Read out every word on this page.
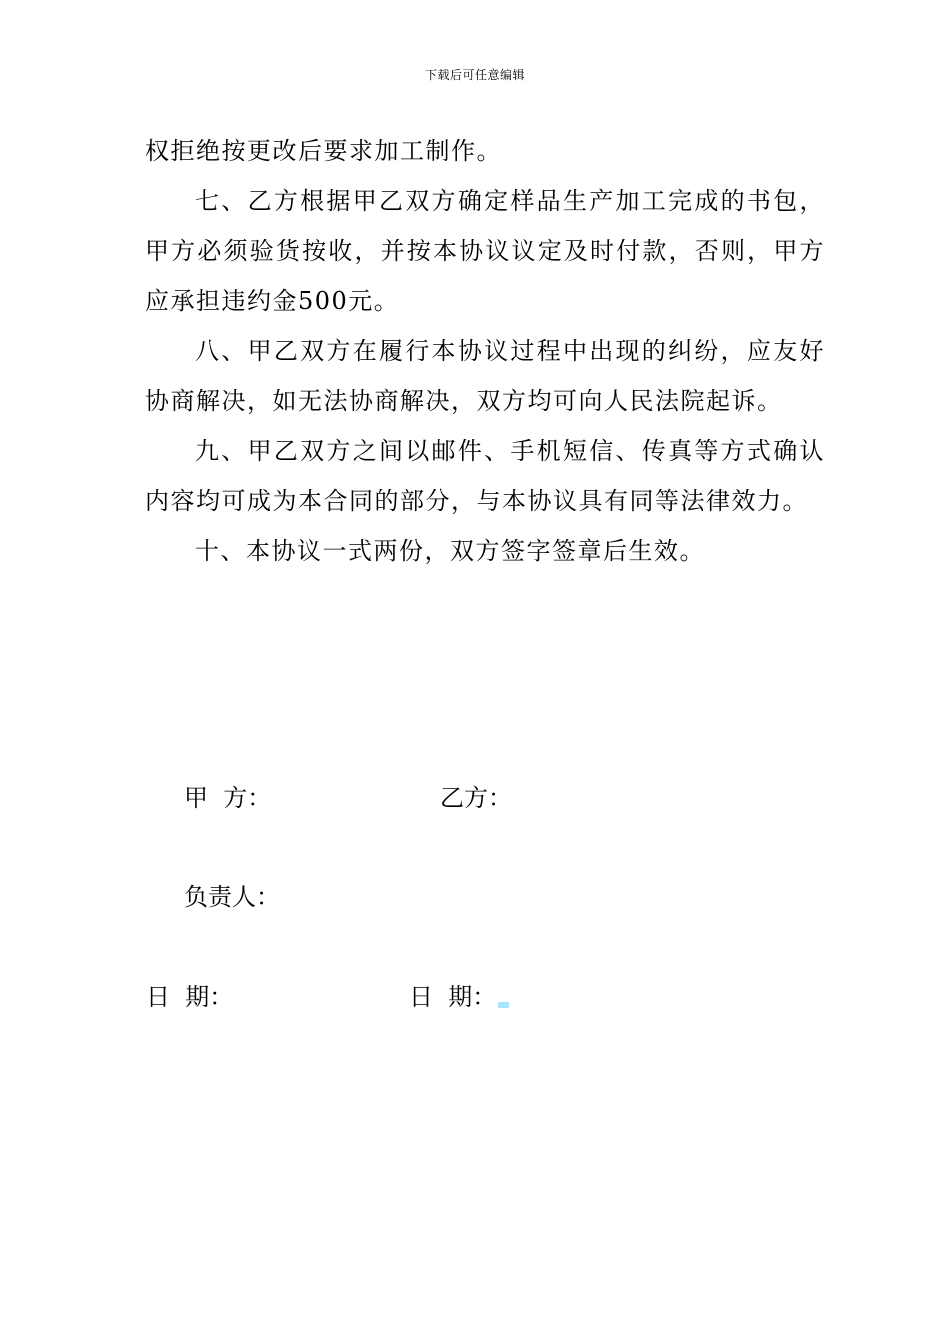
下载后可任意编辑

权拒绝按更改后要求加工制作。

七、乙方根据甲乙双方确定样品生产加工完成的书包，甲方必须验货按收，并按本协议议定及时付款，否则，甲方应承担违约金500元。

八、甲乙双方在履行本协议过程中出现的纠纷，应友好协商解决，如无法协商解决，双方均可向人民法院起诉。

九、甲乙双方之间以邮件、手机短信、传真等方式确认内容均可成为本合同的部分，与本协议具有同等法律效力。

十、本协议一式两份，双方签字签章后生效。

甲  方：	乙方：
负责人：
日  期：	日  期：
